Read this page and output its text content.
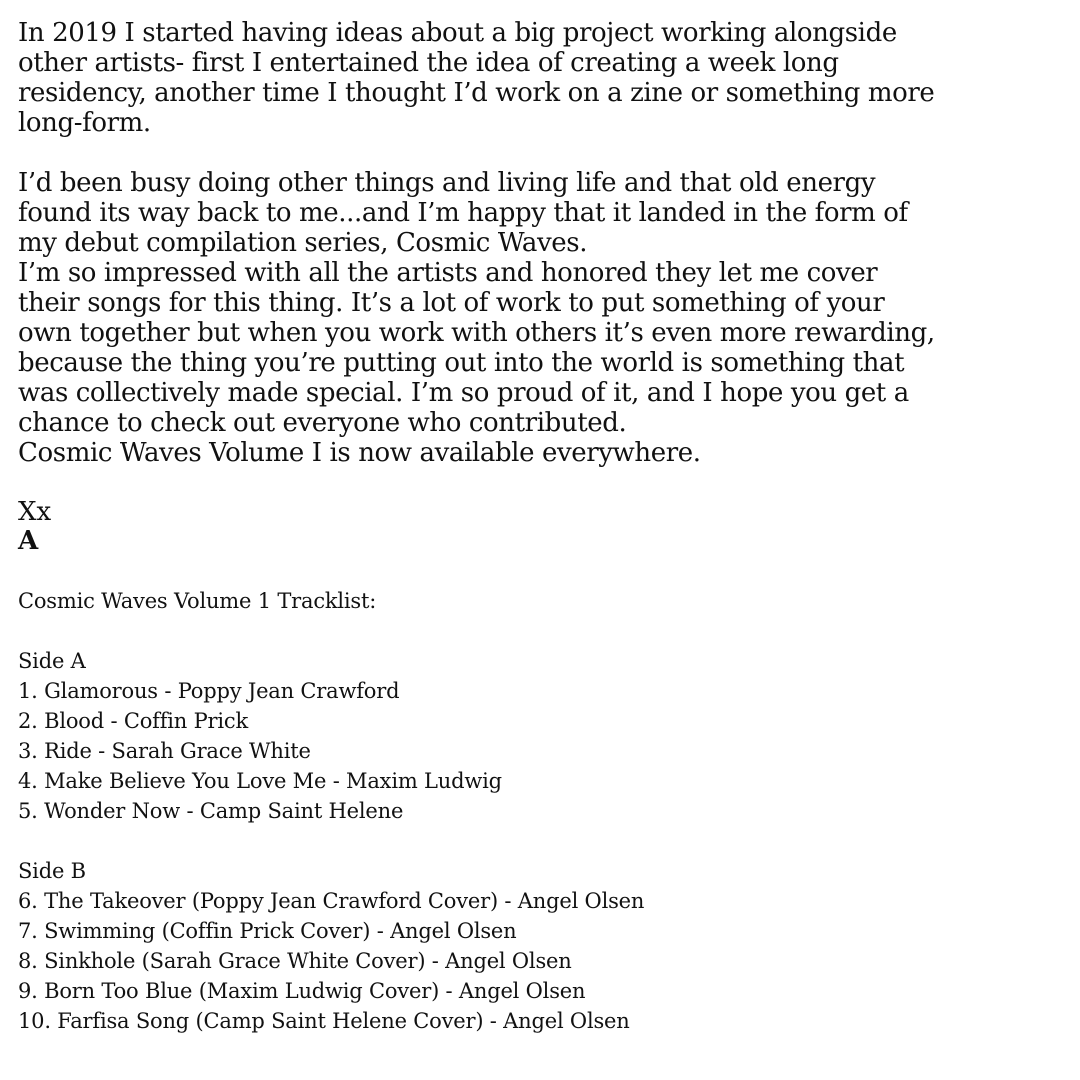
In 2019 I started having ideas about a big project working alongside
other artists- first I entertained the idea of creating a week long
residency, another time I thought I’d work on a zine or something more
long-form.

I’d been busy doing other things and living life and that old energy
found its way back to me...and I’m happy that it landed in the form of
my debut compilation series, Cosmic Waves.
I’m so impressed with all the artists and honored they let me cover
their songs for this thing. It’s a lot of work to put something of your
own together but when you work with others it’s even more rewarding,
because the thing you’re putting out into the world is something that
was collectively made special. I’m so proud of it, and I hope you get a
chance to check out everyone who contributed.
Cosmic Waves Volume I is now available everywhere.

Xx

A

Cosmic Waves Volume 1 Tracklist:

Side A
1. Glamorous - Poppy Jean Crawford
2. Blood - Coffin Prick
3. Ride - Sarah Grace White
4. Make Believe You Love Me - Maxim Ludwig
5. Wonder Now - Camp Saint Helene
Side B
6. The Takeover (Poppy Jean Crawford Cover) - Angel Olsen
7. Swimming (Coffin Prick Cover) - Angel Olsen
8. Sinkhole (Sarah Grace White Cover) - Angel Olsen
9. Born Too Blue (Maxim Ludwig Cover) - Angel Olsen
10. Farfisa Song (Camp Saint Helene Cover) - Angel Olsen
